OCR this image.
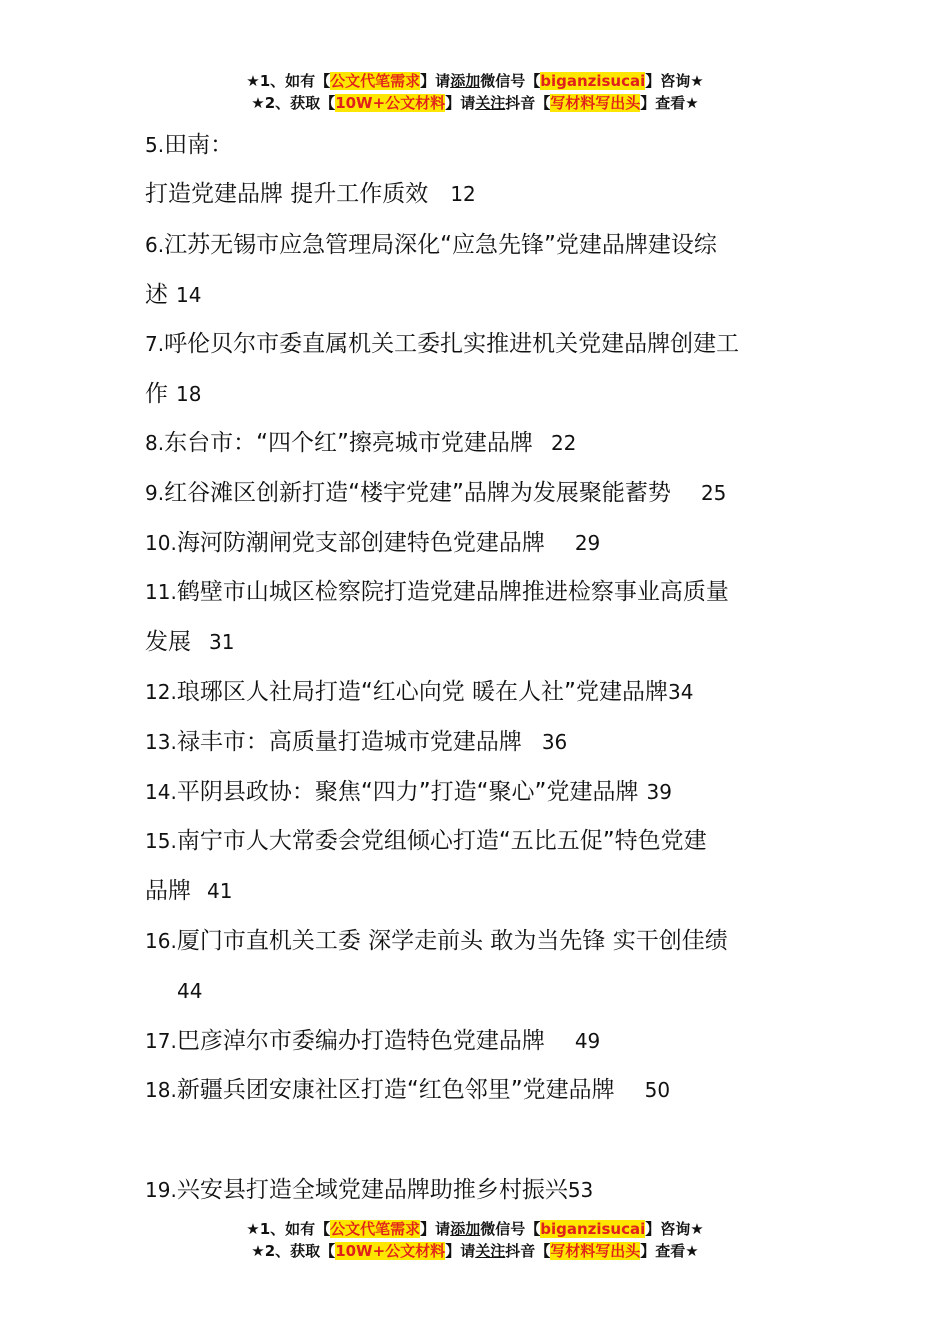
★1、如有【公文代笔需求】请添加微信号【biganzisucai】咨询★
★2、获取【10W+公文材料】请关注抖音【写材料写出头】查看★
5.田南：
打造党建品牌 提升工作质效 12
6.江苏无锡市应急管理局深化“应急先锋”党建品牌建设综
述 14
7.呼伦贝尔市委直属机关工委扎实推进机关党建品牌创建工
作 18
8.东台市：“四个红”擦亮城市党建品牌 22
9.红谷滩区创新打造“楼宇党建”品牌为发展聚能蓄势 25
10.海河防潮闸党支部创建特色党建品牌 29
11.鹤壁市山城区检察院打造党建品牌推进检察事业高质量
发展 31
12.琅琊区人社局打造“红心向党 暖在人社”党建品牌34
13.禄丰市：高质量打造城市党建品牌 36
14.平阴县政协：聚焦“四力”打造“聚心”党建品牌 39
15.南宁市人大常委会党组倾心打造“五比五促”特色党建
品牌 41
16.厦门市直机关工委 深学走前头 敢为当先锋 实干创佳绩
44
17.巴彦淖尔市委编办打造特色党建品牌 49
18.新疆兵团安康社区打造“红色邻里”党建品牌 50
19.兴安县打造全域党建品牌助推乡村振兴53
★1、如有【公文代笔需求】请添加微信号【biganzisucai】咨询★
★2、获取【10W+公文材料】请关注抖音【写材料写出头】查看★
